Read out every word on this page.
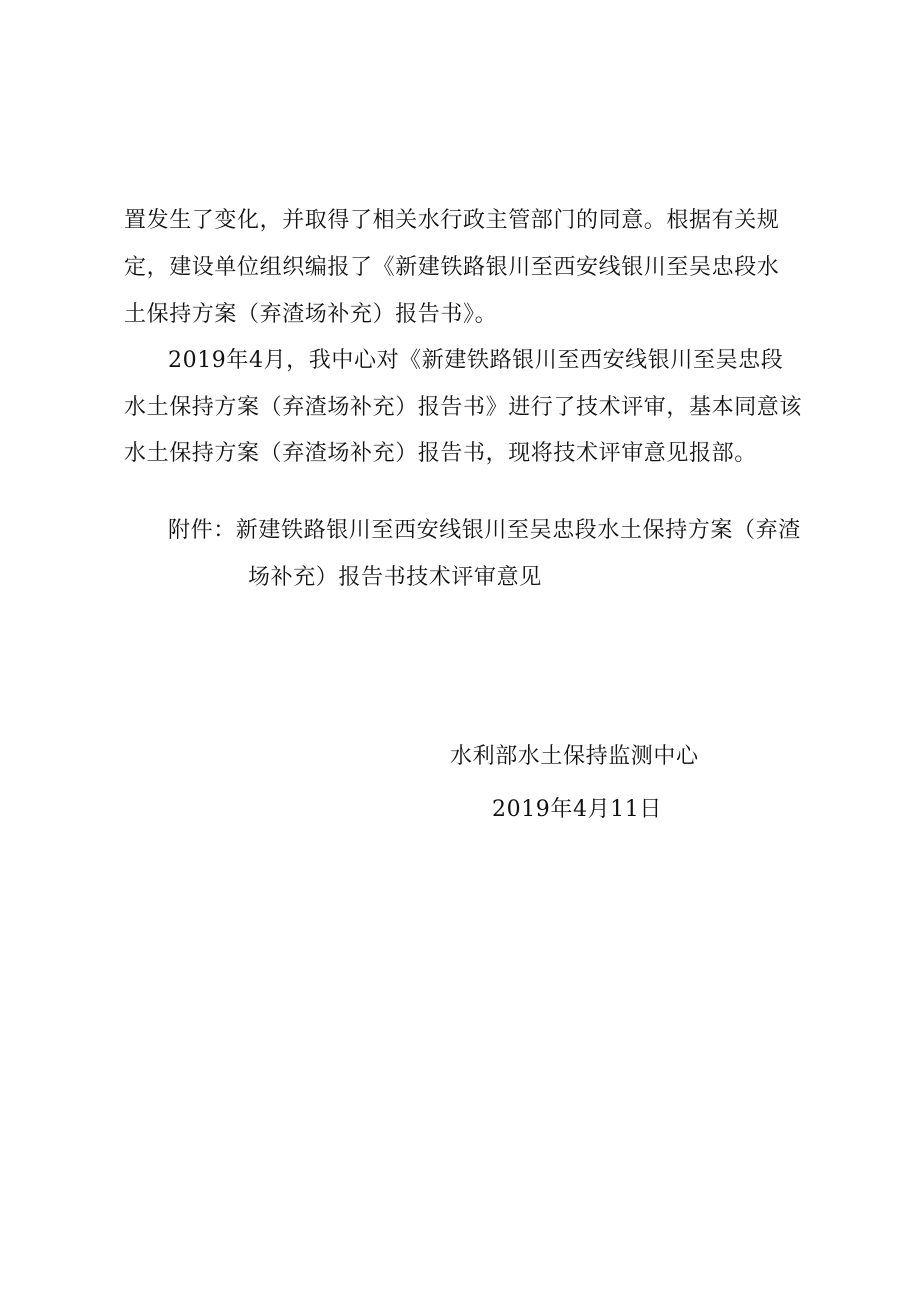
置发生了变化，并取得了相关水行政主管部门的同意。根据有关规
定，建设单位组织编报了《新建铁路银川至西安线银川至吴忠段水
土保持方案（弃渣场补充）报告书》。
2019年4月，我中心对《新建铁路银川至西安线银川至吴忠段
水土保持方案（弃渣场补充）报告书》进行了技术评审，基本同意该
水土保持方案（弃渣场补充）报告书，现将技术评审意见报部。
附件：新建铁路银川至西安线银川至吴忠段水土保持方案（弃渣
场补充）报告书技术评审意见
水利部水土保持监测中心
2019年4月11日
